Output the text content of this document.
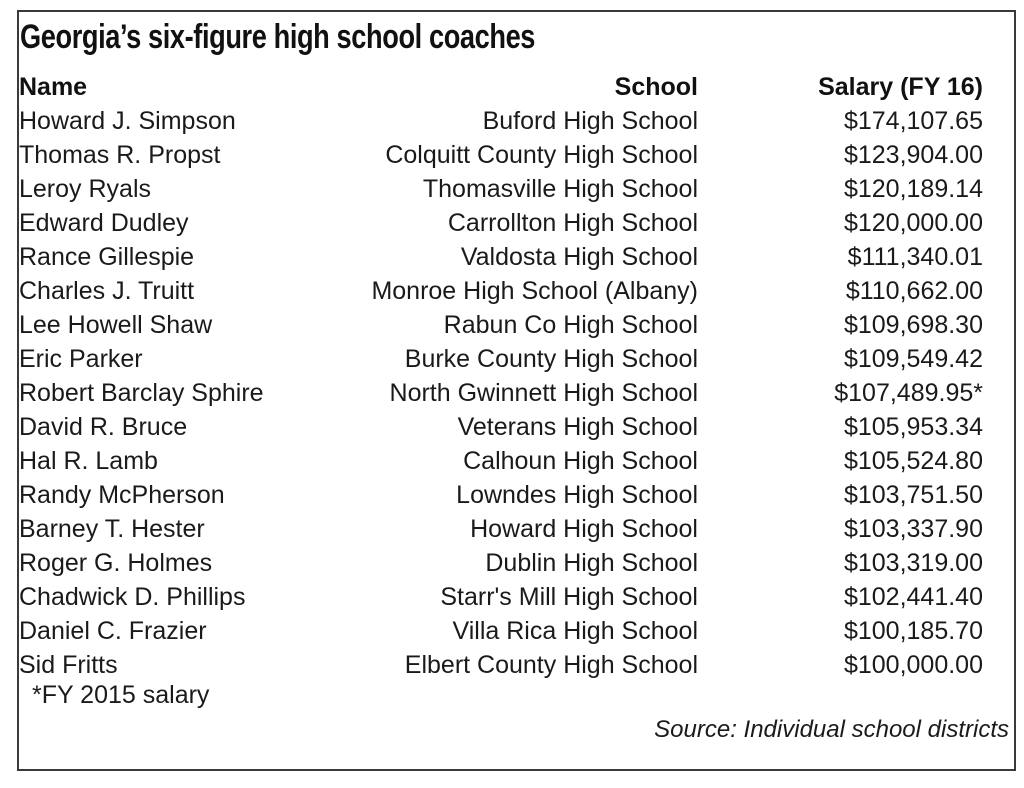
Georgia’s six-figure high school coaches
Name	School	Salary (FY 16)
Howard J. Simpson	Buford High School	$174,107.65
Thomas R. Propst	Colquitt County High School	$123,904.00
Leroy Ryals	Thomasville High School	$120,189.14
Edward Dudley	Carrollton High School	$120,000.00
Rance Gillespie	Valdosta High School	$111,340.01
Charles J. Truitt	Monroe High School (Albany)	$110,662.00
Lee Howell Shaw	Rabun Co High School	$109,698.30
Eric Parker	Burke County High School	$109,549.42
Robert Barclay Sphire	North Gwinnett High School	$107,489.95*
David R. Bruce	Veterans High School	$105,953.34
Hal R. Lamb	Calhoun High School	$105,524.80
Randy McPherson	Lowndes High School	$103,751.50
Barney T. Hester	Howard High School	$103,337.90
Roger G. Holmes	Dublin High School	$103,319.00
Chadwick D. Phillips	Starr's Mill High School	$102,441.40
Daniel C. Frazier	Villa Rica High School	$100,185.70
Sid Fritts	Elbert County High School	$100,000.00
*FY 2015 salary
Source: Individual school districts
